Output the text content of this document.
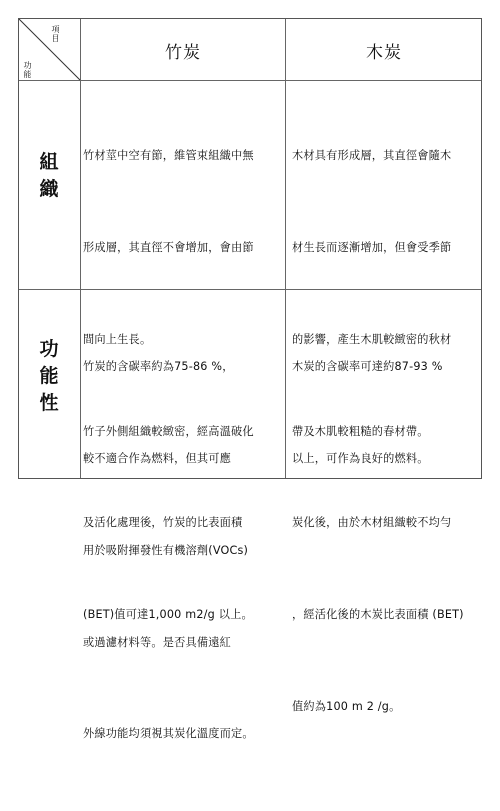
項目
功能
竹炭	木炭
組織
功能性

竹材莖中空有節，維管束組織中無

形成層，其直徑不會增加，會由節

間向上生長。

竹子外側組織較緻密，經高溫破化

及活化處理後，竹炭的比表面積

(BET)值可達1,000 m2/g 以上。

木材具有形成層，其直徑會隨木

材生長而逐漸增加，但會受季節

的影響，產生木肌較緻密的秋材

帶及木肌較粗糙的春材帶。

炭化後，由於木材組織較不均勻

，經活化後的木炭比表面積 (BET)

值約為100 m 2 /g。

竹炭的含碳率約為75-86 %，

較不適合作為燃料，但其可應

用於吸附揮發性有機溶劑(VOCs)

或過濾材料等。是否具備遠紅

外線功能均須視其炭化溫度而定。

木炭的含碳率可達約87-93 %

以上，可作為良好的燃料。
